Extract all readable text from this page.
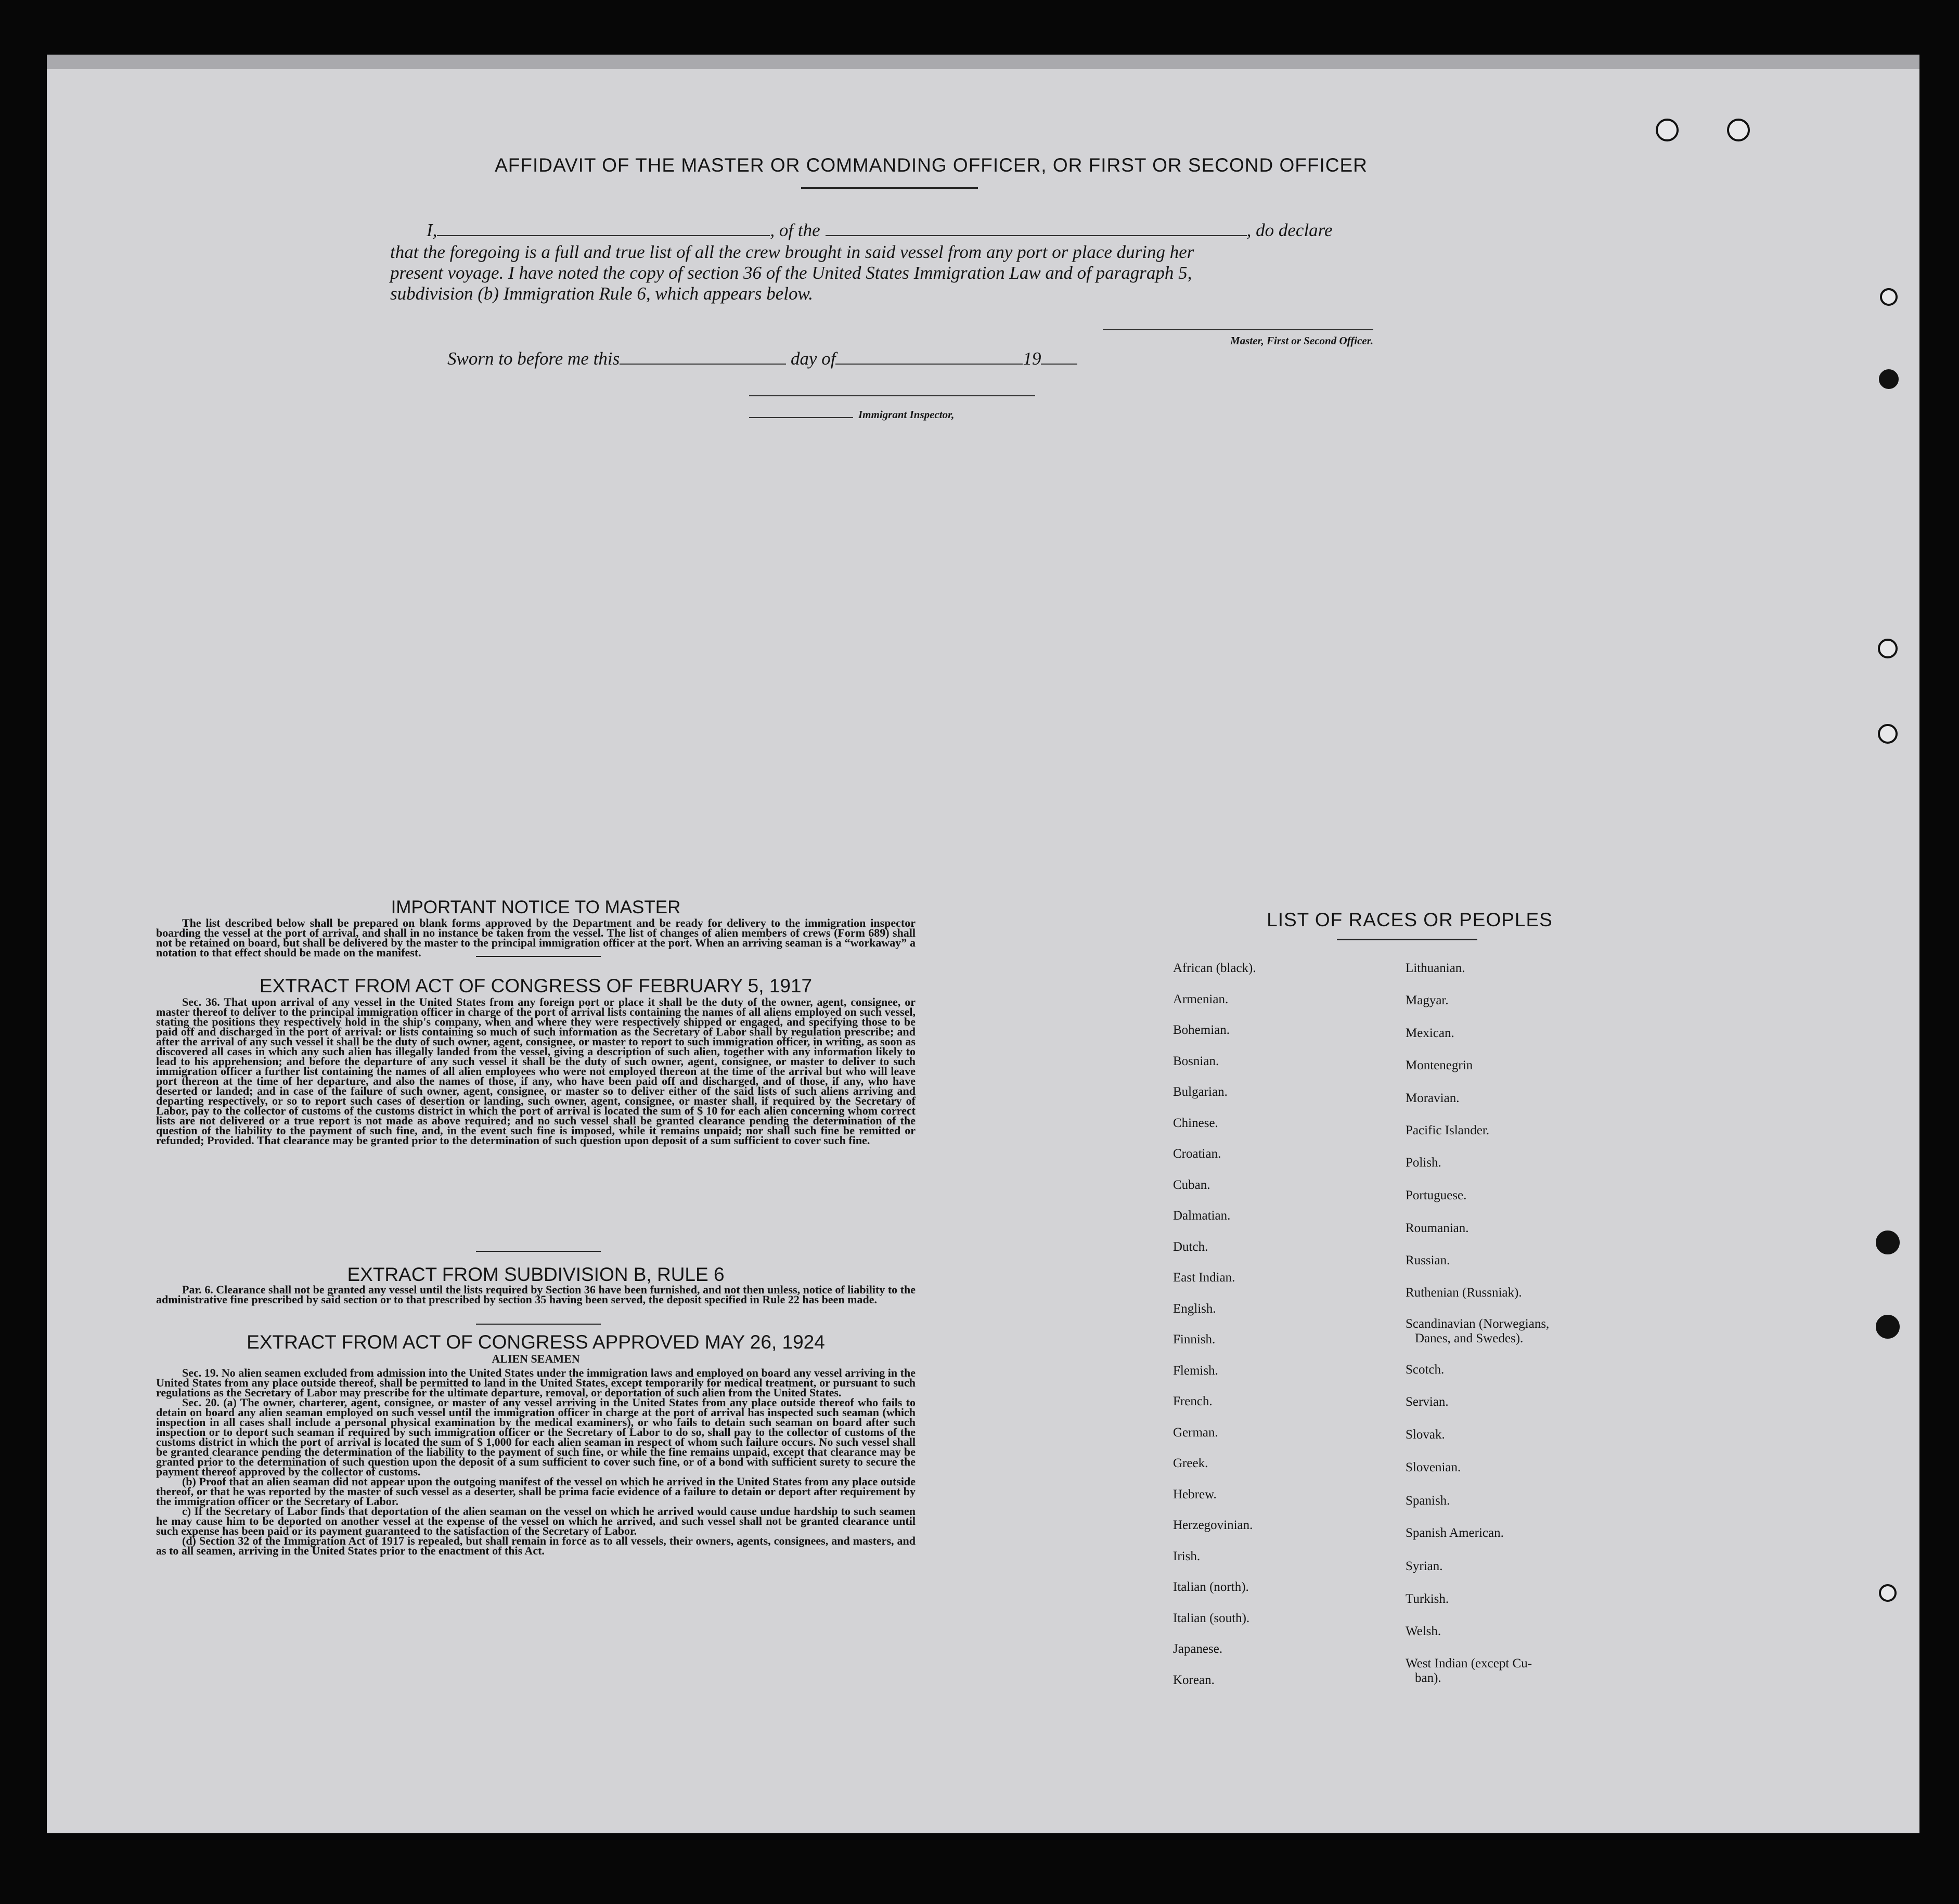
AFFIDAVIT OF THE MASTER OR COMMANDING OFFICER, OR FIRST OR SECOND OFFICER
I,	, of the	, do declare
that the foregoing is a full and true list of all the crew brought in said vessel from any port or place during her
present voyage. I have noted the copy of section 36 of the United States Immigration Law and of paragraph 5,
subdivision (b) Immigration Rule 6, which appears below.
Master, First or Second Officer.
Sworn to before me this	day of	19
Immigrant Inspector,
IMPORTANT NOTICE TO MASTER
The list described below shall be prepared on blank forms approved by the Department and be ready for delivery to the immigration inspector boarding the vessel at the port of arrival, and shall in no instance be taken from the vessel. The list of changes of alien members of crews (Form 689) shall not be retained on board, but shall be delivered by the master to the principal immigration officer at the port. When an arriving seaman is a “workaway” a notation to that effect should be made on the manifest.
EXTRACT FROM ACT OF CONGRESS OF FEBRUARY 5, 1917
Sec. 36. That upon arrival of any vessel in the United States from any foreign port or place it shall be the duty of the owner, agent, consignee, or master thereof to deliver to the principal immigration officer in charge of the port of arrival lists containing the names of all aliens employed on such vessel, stating the positions they respectively hold in the ship's company, when and where they were respectively shipped or engaged, and specifying those to be paid off and discharged in the port of arrival: or lists containing so much of such information as the Secretary of Labor shall by regulation prescribe; and after the arrival of any such vessel it shall be the duty of such owner, agent, consignee, or master to report to such immigration officer, in writing, as soon as discovered all cases in which any such alien has illegally landed from the vessel, giving a description of such alien, together with any information likely to lead to his apprehension; and before the departure of any such vessel it shall be the duty of such owner, agent, consignee, or master to deliver to such immigration officer a further list containing the names of all alien employees who were not employed thereon at the time of the arrival but who will leave port thereon at the time of her departure, and also the names of those, if any, who have been paid off and discharged, and of those, if any, who have deserted or landed; and in case of the failure of such owner, agent, consignee, or master so to deliver either of the said lists of such aliens arriving and departing respectively, or so to report such cases of desertion or landing, such owner, agent, consignee, or master shall, if required by the Secretary of Labor, pay to the collector of customs of the customs district in which the port of arrival is located the sum of $ 10 for each alien concerning whom correct lists are not delivered or a true report is not made as above required; and no such vessel shall be granted clearance pending the determination of the question of the liability to the payment of such fine, and, in the event such fine is imposed, while it remains unpaid; nor shall such fine be remitted or refunded; Provided. That clearance may be granted prior to the determination of such question upon deposit of a sum sufficient to cover such fine.
EXTRACT FROM SUBDIVISION B, RULE 6
Par. 6. Clearance shall not be granted any vessel until the lists required by Section 36 have been furnished, and not then unless, notice of liability to the administrative fine prescribed by said section or to that prescribed by section 35 having been served, the deposit specified in Rule 22 has been made.
EXTRACT FROM ACT OF CONGRESS APPROVED MAY 26, 1924
ALIEN SEAMEN
Sec. 19. No alien seamen excluded from admission into the United States under the immigration laws and employed on board any vessel arriving in the United States from any place outside thereof, shall be permitted to land in the United States, except temporarily for medical treatment, or pursuant to such regulations as the Secretary of Labor may prescribe for the ultimate departure, removal, or deportation of such alien from the United States.
Sec. 20. (a) The owner, charterer, agent, consignee, or master of any vessel arriving in the United States from any place outside thereof who fails to detain on board any alien seaman employed on such vessel until the immigration officer in charge at the port of arrival has inspected such seaman (which inspection in all cases shall include a personal physical examination by the medical examiners), or who fails to detain such seaman on board after such inspection or to deport such seaman if required by such immigration officer or the Secretary of Labor to do so, shall pay to the collector of customs of the customs district in which the port of arrival is located the sum of $ 1,000 for each alien seaman in respect of whom such failure occurs. No such vessel shall be granted clearance pending the determination of the liability to the payment of such fine, or while the fine remains unpaid, except that clearance may be granted prior to the determination of such question upon the deposit of a sum sufficient to cover such fine, or of a bond with sufficient surety to secure the payment thereof approved by the collector of customs.
(b) Proof that an alien seaman did not appear upon the outgoing manifest of the vessel on which he arrived in the United States from any place outside thereof, or that he was reported by the master of such vessel as a deserter, shall be prima facie evidence of a failure to detain or deport after requirement by the immigration officer or the Secretary of Labor.
c) If the Secretary of Labor finds that deportation of the alien seaman on the vessel on which he arrived would cause undue hardship to such seamen he may cause him to be deported on another vessel at the expense of the vessel on which he arrived, and such vessel shall not be granted clearance until such expense has been paid or its payment guaranteed to the satisfaction of the Secretary of Labor.
(d) Section 32 of the Immigration Act of 1917 is repealed, but shall remain in force as to all vessels, their owners, agents, consignees, and masters, and as to all seamen, arriving in the United States prior to the enactment of this Act.
LIST OF RACES OR PEOPLES
African (black).
Armenian.
Bohemian.
Bosnian.
Bulgarian.
Chinese.
Croatian.
Cuban.
Dalmatian.
Dutch.
East Indian.
English.
Finnish.
Flemish.
French.
German.
Greek.
Hebrew.
Herzegovinian.
Irish.
Italian (north).
Italian (south).
Japanese.
Korean.
Lithuanian.
Magyar.
Mexican.
Montenegrin
Moravian.
Pacific Islander.
Polish.
Portuguese.
Roumanian.
Russian.
Ruthenian (Russniak).
Scandinavian (Norwegians,
Danes, and Swedes).
Scotch.
Servian.
Slovak.
Slovenian.
Spanish.
Spanish American.
Syrian.
Turkish.
Welsh.
West Indian (except Cu-
ban).
